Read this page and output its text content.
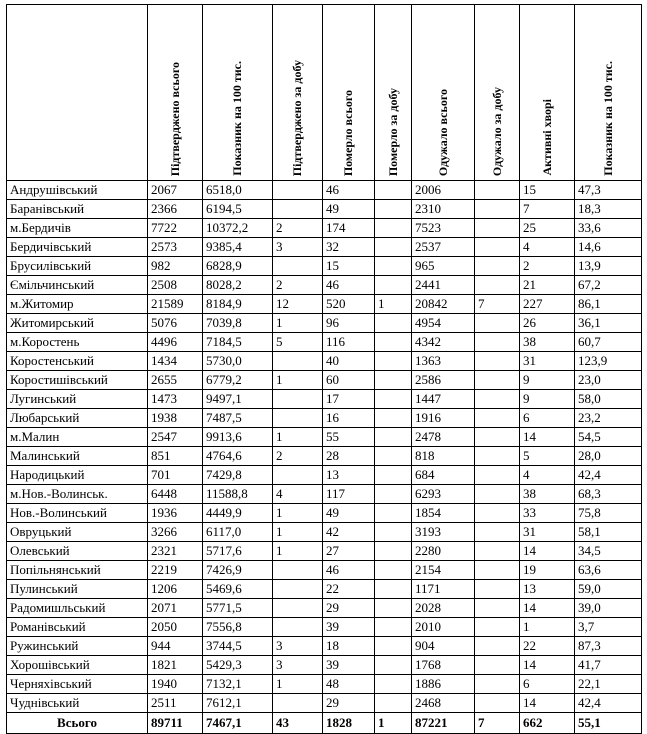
	Підтверджено всього	Показник на 100 тис.	Підтверджено за добу	Померло всього	Померло за добу	Одужало всього	Одужало за добу	Активні хворі	Показник на 100 тис.

Андрушівський	2067	6518,0		46		2006		15	47,3
Баранівський	2366	6194,5		49		2310		7	18,3
м.Бердичів	7722	10372,2	2	174		7523		25	33,6
Бердичівський	2573	9385,4	3	32		2537		4	14,6
Брусилівський	982	6828,9		15		965		2	13,9
Ємільчинський	2508	8028,2	2	46		2441		21	67,2
м.Житомир	21589	8184,9	12	520	1	20842	7	227	86,1
Житомирський	5076	7039,8	1	96		4954		26	36,1
м.Коростень	4496	7184,5	5	116		4342		38	60,7
Коростенський	1434	5730,0		40		1363		31	123,9
Коростишівський	2655	6779,2	1	60		2586		9	23,0
Лугинський	1473	9497,1		17		1447		9	58,0
Любарський	1938	7487,5		16		1916		6	23,2
м.Малин	2547	9913,6	1	55		2478		14	54,5
Малинський	851	4764,6	2	28		818		5	28,0
Народицький	701	7429,8		13		684		4	42,4
м.Нов.-Волинськ.	6448	11588,8	4	117		6293		38	68,3
Нов.-Волинський	1936	4449,9	1	49		1854		33	75,8
Овруцький	3266	6117,0	1	42		3193		31	58,1
Олевський	2321	5717,6	1	27		2280		14	34,5
Попільнянський	2219	7426,9		46		2154		19	63,6
Пулинський	1206	5469,6		22		1171		13	59,0
Радомишльський	2071	5771,5		29		2028		14	39,0
Романівський	2050	7556,8		39		2010		1	3,7
Ружинський	944	3744,5	3	18		904		22	87,3
Хорошівський	1821	5429,3	3	39		1768		14	41,7
Черняхівський	1940	7132,1	1	48		1886		6	22,1
Чуднівський	2511	7612,1		29		2468		14	42,4
Всього	89711	7467,1	43	1828	1	87221	7	662	55,1
